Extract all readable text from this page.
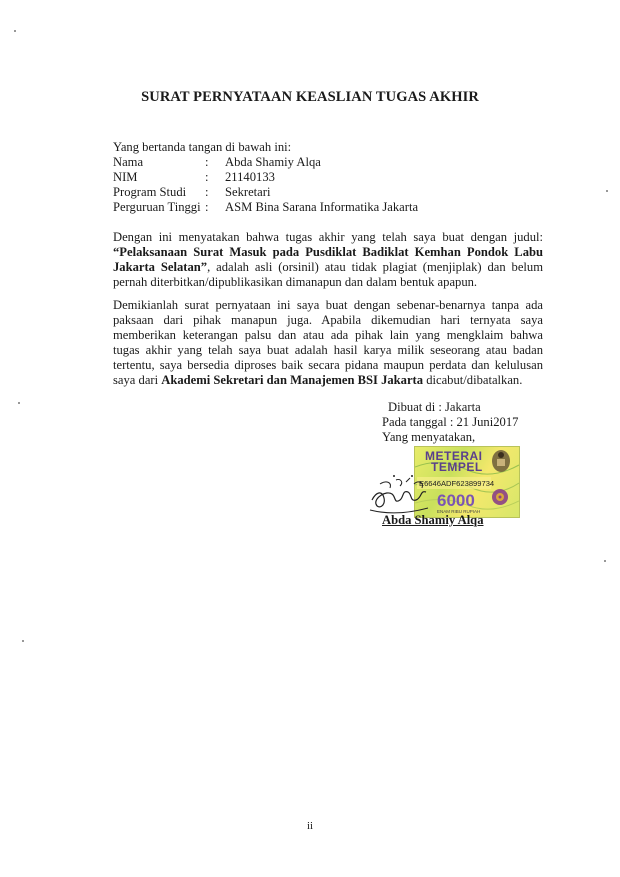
SURAT PERNYATAAN KEASLIAN TUGAS AKHIR
Yang bertanda tangan di bawah ini:
Nama	:	Abda Shamiy Alqa
NIM	:	21140133
Program Studi	:	Sekretari
Perguruan Tinggi :	ASM Bina Sarana Informatika Jakarta
Dengan ini menyatakan bahwa tugas akhir yang telah saya buat dengan judul:
“Pelaksanaan Surat Masuk pada Pusdiklat Badiklat Kemhan Pondok Labu
Jakarta Selatan”, adalah asli (orsinil) atau tidak plagiat (menjiplak) dan belum
pernah diterbitkan/dipublikasikan dimanapun dan dalam bentuk apapun.
Demikianlah surat pernyataan ini saya buat dengan sebenar-benarnya tanpa ada
paksaan dari pihak manapun juga. Apabila dikemudian hari ternyata saya
memberikan keterangan palsu dan atau ada pihak lain yang mengklaim bahwa
tugas akhir yang telah saya buat adalah hasil karya milik seseorang atau badan
tertentu, saya bersedia diproses baik secara pidana maupun perdata dan kelulusan
saya dari Akademi Sekretari dan Manajemen BSI Jakarta dicabut/dibatalkan.
Dibuat di : Jakarta
Pada tanggal : 21 Juni2017
Yang menyatakan,
METERAI
TEMPEL
E6646ADF623899734
6000
ENAM RIBU RUPIAH
Abda Shamiy Alqa
ii
